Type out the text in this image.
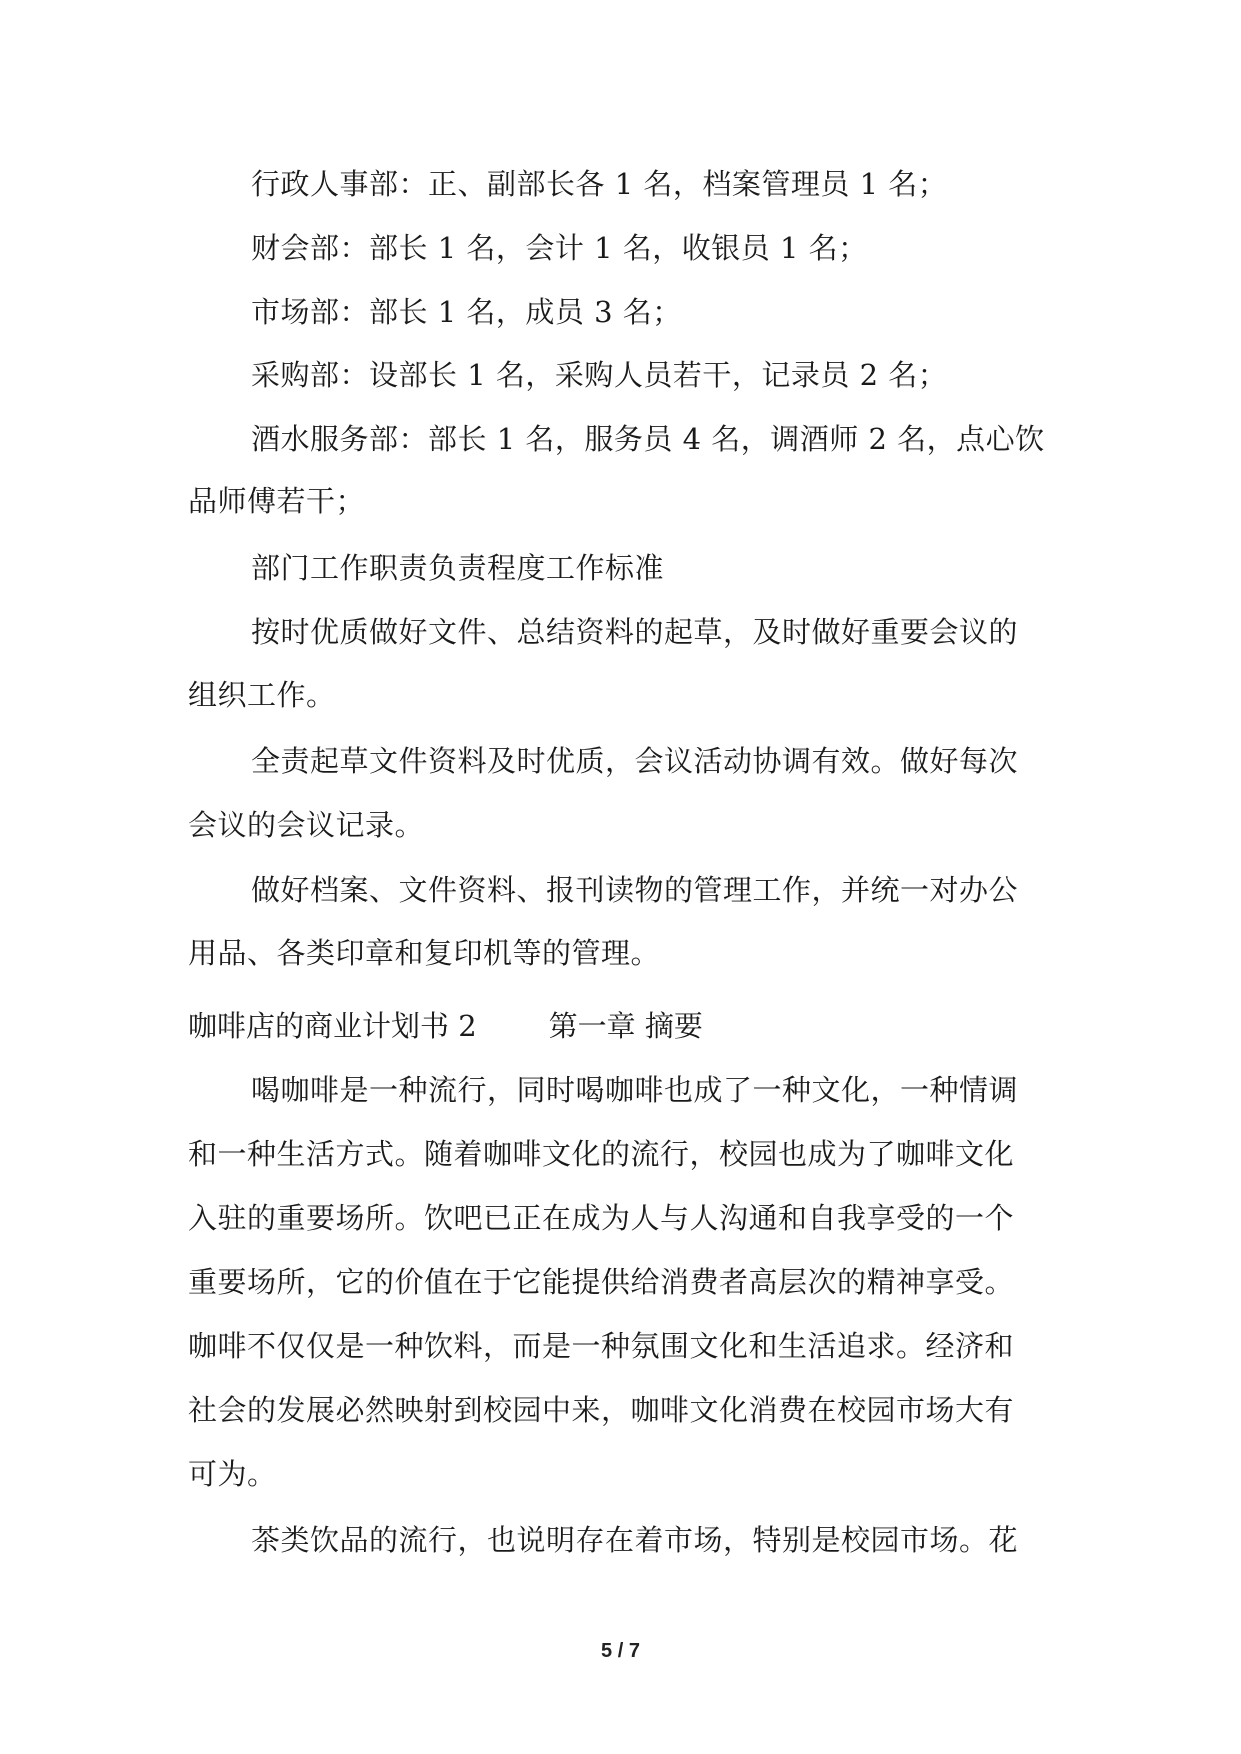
行政人事部：正、副部长各 1 名，档案管理员 1 名；
财会部：部长 1 名，会计 1 名，收银员 1 名；
市场部：部长 1 名，成员 3 名；
采购部：设部长 1 名，采购人员若干，记录员 2 名；
酒水服务部：部长 1 名，服务员 4 名，调酒师 2 名，点心饮
品师傅若干；
部门工作职责负责程度工作标准
按时优质做好文件、总结资料的起草，及时做好重要会议的
组织工作。
全责起草文件资料及时优质，会议活动协调有效。做好每次
会议的会议记录。
做好档案、文件资料、报刊读物的管理工作，并统一对办公
用品、各类印章和复印机等的管理。
咖啡店的商业计划书 2 第一章 摘要
喝咖啡是一种流行，同时喝咖啡也成了一种文化，一种情调
和一种生活方式。随着咖啡文化的流行，校园也成为了咖啡文化
入驻的重要场所。饮吧已正在成为人与人沟通和自我享受的一个
重要场所，它的价值在于它能提供给消费者高层次的精神享受。
咖啡不仅仅是一种饮料，而是一种氛围文化和生活追求。经济和
社会的发展必然映射到校园中来，咖啡文化消费在校园市场大有
可为。
茶类饮品的流行，也说明存在着市场，特别是校园市场。花
5 / 7
